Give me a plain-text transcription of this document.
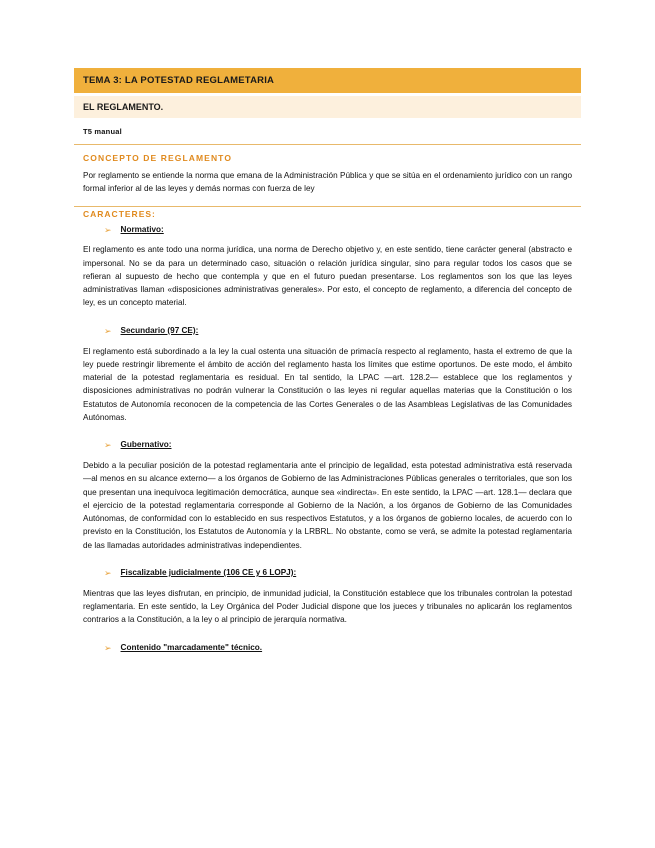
TEMA 3: LA POTESTAD REGLAMETARIA
EL REGLAMENTO.
T5 manual
CONCEPTO DE REGLAMENTO

Por reglamento se entiende la norma que emana de la Administración Pública y que se sitúa en el ordenamiento jurídico con un rango formal inferior al de las leyes y demás normas con fuerza de ley

CARACTERES:
➢ Normativo:

El reglamento es ante todo una norma jurídica, una norma de Derecho objetivo y, en este sentido, tiene carácter general (abstracto e impersonal. No se da para un determinado caso, situación o relación jurídica singular, sino para regular todos los casos que se refieran al supuesto de hecho que contempla y que en el futuro puedan presentarse. Los reglamentos son los que las leyes administrativas llaman «disposiciones administrativas generales». Por esto, el concepto de reglamento, a diferencia del concepto de ley, es un concepto material.

➢ Secundario (97 CE):

El reglamento está subordinado a la ley la cual ostenta una situación de primacía respecto al reglamento, hasta el extremo de que la ley puede restringir libremente el ámbito de acción del reglamento hasta los límites que estime oportunos. De este modo, el ámbito material de la potestad reglamentaria es residual. En tal sentido, la LPAC —art. 128.2— establece que los reglamentos y disposiciones administrativas no podrán vulnerar la Constitución o las leyes ni regular aquellas materias que la Constitución o los Estatutos de Autonomía reconocen de la competencia de las Cortes Generales o de las Asambleas Legislativas de las Comunidades Autónomas.

➢ Gubernativo:

Debido a la peculiar posición de la potestad reglamentaria ante el principio de legalidad, esta potestad administrativa está reservada —al menos en su alcance externo— a los órganos de Gobierno de las Administraciones Públicas generales o territoriales, que son los que presentan una inequívoca legitimación democrática, aunque sea «indirecta». En este sentido, la LPAC —art. 128.1— declara que el ejercicio de la potestad reglamentaria corresponde al Gobierno de la Nación, a los órganos de Gobierno de las Comunidades Autónomas, de conformidad con lo establecido en sus respectivos Estatutos, y a los órganos de gobierno locales, de acuerdo con lo previsto en la Constitución, los Estatutos de Autonomía y la LRBRL. No obstante, como se verá, se admite la potestad reglamentaria de las llamadas autoridades administrativas independientes.

➢ Fiscalizable judicialmente (106 CE y 6 LOPJ):

Mientras que las leyes disfrutan, en principio, de inmunidad judicial, la Constitución establece que los tribunales controlan la potestad reglamentaria. En este sentido, la Ley Orgánica del Poder Judicial dispone que los jueces y tribunales no aplicarán los reglamentos contrarios a la Constitución, a la ley o al principio de jerarquía normativa.

➢ Contenido "marcadamente" técnico.
